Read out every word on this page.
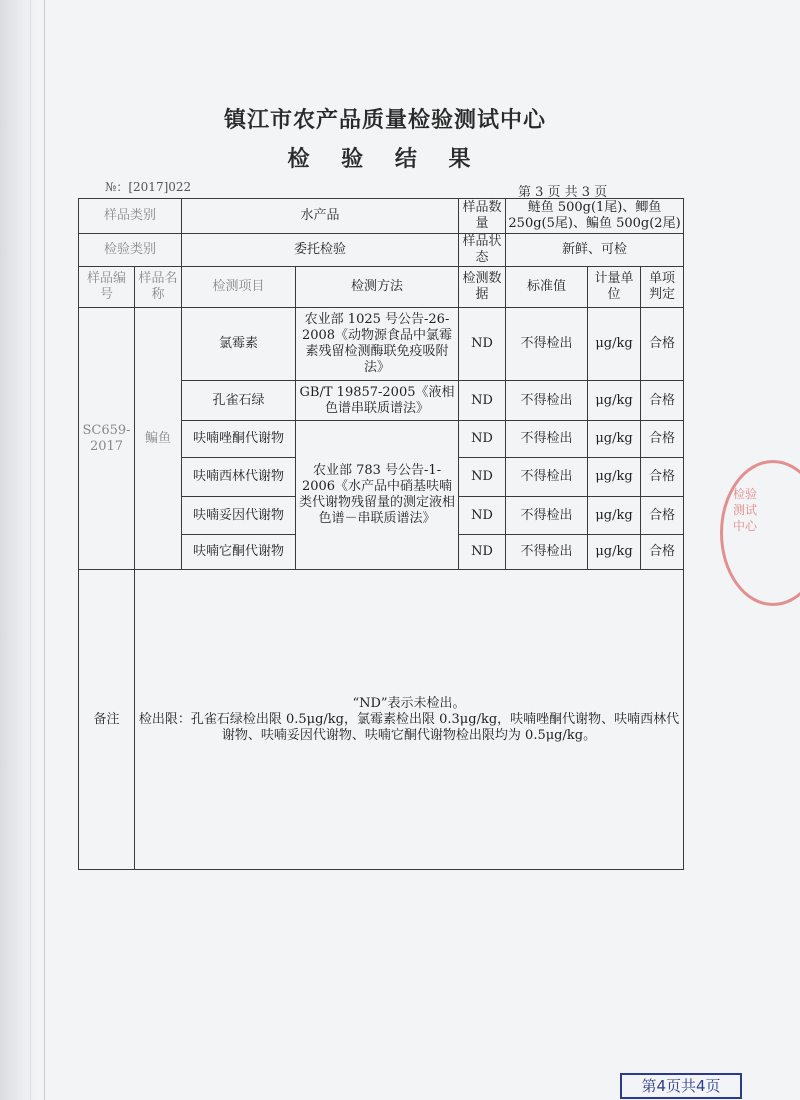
镇江市农产品质量检验测试中心
检 验 结 果
№：[2017]022	第 3 页 共 3 页
样品类别		水产品		样品数量	鲢鱼 500g(1尾)、鲫鱼 250g(5尾)、鳊鱼 500g(2尾)		
检验类别		委托检验		样品状态	新鲜、可检		
样品编号	样品名称	检测项目	检测方法	检测数据	标准值	计量单位	单项判定
SC659-2017	鳊鱼	氯霉素	农业部 1025 号公告-26-2008《动物源食品中氯霉素残留检测酶联免疫吸附法》	ND	不得检出	μg/kg	合格
		孔雀石绿	GB/T 19857-2005《液相色谱串联质谱法》	ND	不得检出	μg/kg	合格
		呋喃唑酮代谢物	农业部 783 号公告-1-2006《水产品中硝基呋喃类代谢物残留量的测定液相色谱－串联质谱法》	ND	不得检出	μg/kg	合格
		呋喃西林代谢物		ND	不得检出	μg/kg	合格
		呋喃妥因代谢物		ND	不得检出	μg/kg	合格
		呋喃它酮代谢物		ND	不得检出	μg/kg	合格
备注	“ND”表示未检出。
检出限：孔雀石绿检出限 0.5μg/kg，氯霉素检出限 0.3μg/kg，呋喃唑酮代谢物、呋喃西林代谢物、呋喃妥因代谢物、呋喃它酮代谢物检出限均为 0.5μg/kg。						
检验测试中心
第4页共4页
